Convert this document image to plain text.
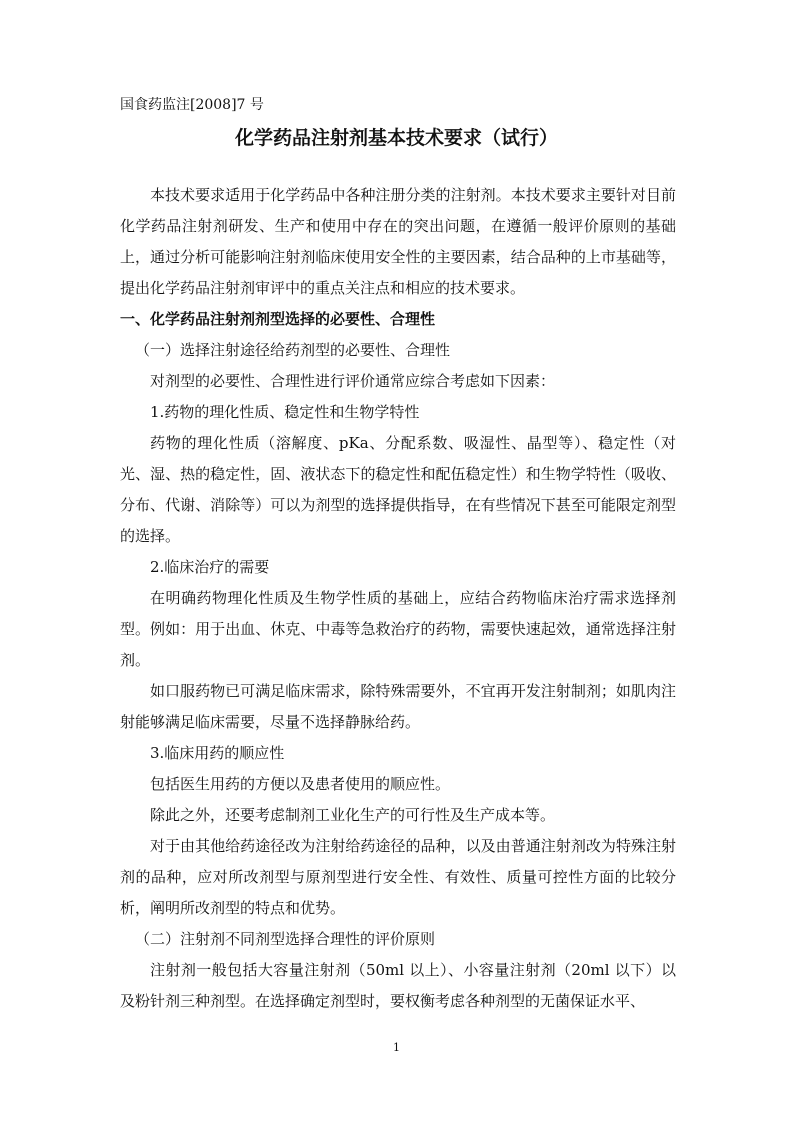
国食药监注[2008]7 号
化学药品注射剂基本技术要求（试行）

本技术要求适用于化学药品中各种注册分类的注射剂。本技术要求主要针对目前化学药品注射剂研发、生产和使用中存在的突出问题，在遵循一般评价原则的基础上，通过分析可能影响注射剂临床使用安全性的主要因素，结合品种的上市基础等，提出化学药品注射剂审评中的重点关注点和相应的技术要求。

一、化学药品注射剂剂型选择的必要性、合理性

（一）选择注射途径给药剂型的必要性、合理性

对剂型的必要性、合理性进行评价通常应综合考虑如下因素：

1.药物的理化性质、稳定性和生物学特性

药物的理化性质（溶解度、pKa、分配系数、吸湿性、晶型等）、稳定性（对光、湿、热的稳定性，固、液状态下的稳定性和配伍稳定性）和生物学特性（吸收、分布、代谢、消除等）可以为剂型的选择提供指导，在有些情况下甚至可能限定剂型的选择。

2.临床治疗的需要

在明确药物理化性质及生物学性质的基础上，应结合药物临床治疗需求选择剂型。例如：用于出血、休克、中毒等急救治疗的药物，需要快速起效，通常选择注射剂。

如口服药物已可满足临床需求，除特殊需要外，不宜再开发注射制剂；如肌肉注射能够满足临床需要，尽量不选择静脉给药。

3.临床用药的顺应性

包括医生用药的方便以及患者使用的顺应性。

除此之外，还要考虑制剂工业化生产的可行性及生产成本等。

对于由其他给药途径改为注射给药途径的品种，以及由普通注射剂改为特殊注射剂的品种，应对所改剂型与原剂型进行安全性、有效性、质量可控性方面的比较分析，阐明所改剂型的特点和优势。

（二）注射剂不同剂型选择合理性的评价原则

注射剂一般包括大容量注射剂（50ml 以上）、小容量注射剂（20ml 以下）以及粉针剂三种剂型。在选择确定剂型时，要权衡考虑各种剂型的无菌保证水平、

1
